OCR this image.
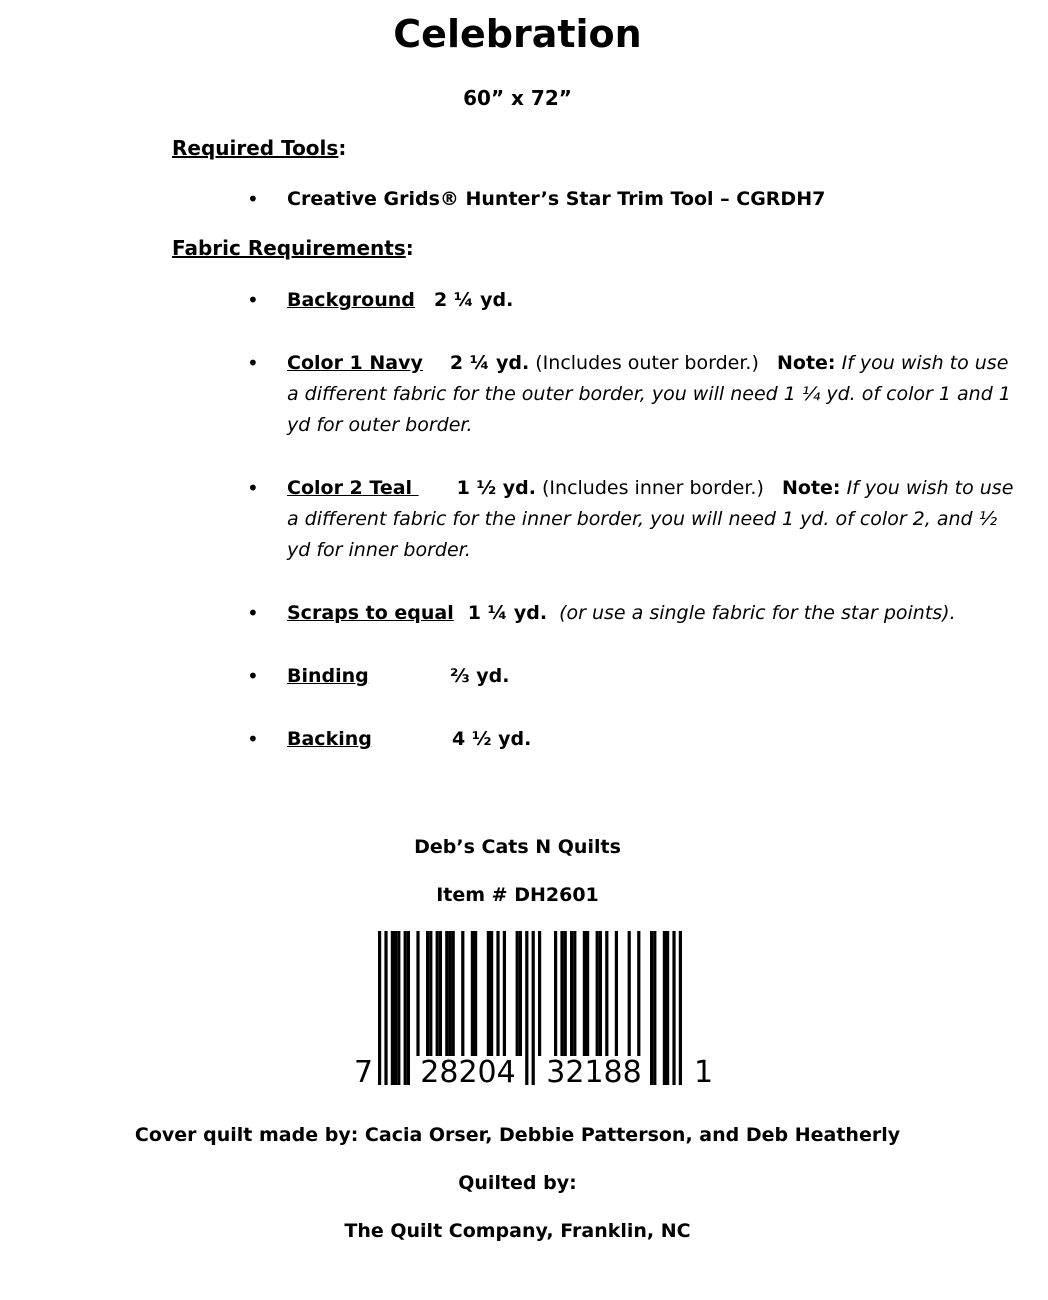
Celebration
60” x 72”
Required Tools:
• Creative Grids® Hunter’s Star Trim Tool – CGRDH7
Fabric Requirements:
• Background 2 ¼ yd.
• Color 1 Navy 2 ¼ yd. (Includes outer border.) Note: If you wish to use a different fabric for the outer border, you will need 1 ¼ yd. of color 1 and 1 yd for outer border.
• Color 2 Teal 1 ½ yd. (Includes inner border.) Note: If you wish to use a different fabric for the inner border, you will need 1 yd. of color 2, and ½ yd for inner border.
• Scraps to equal 1 ¼ yd. (or use a single fabric for the star points).
• Binding	⅔ yd.
• Backing	4 ½ yd.
Deb’s Cats N Quilts
Item # DH2601
7 28204 32188 1
Cover quilt made by: Cacia Orser, Debbie Patterson, and Deb Heatherly
Quilted by:
The Quilt Company, Franklin, NC
